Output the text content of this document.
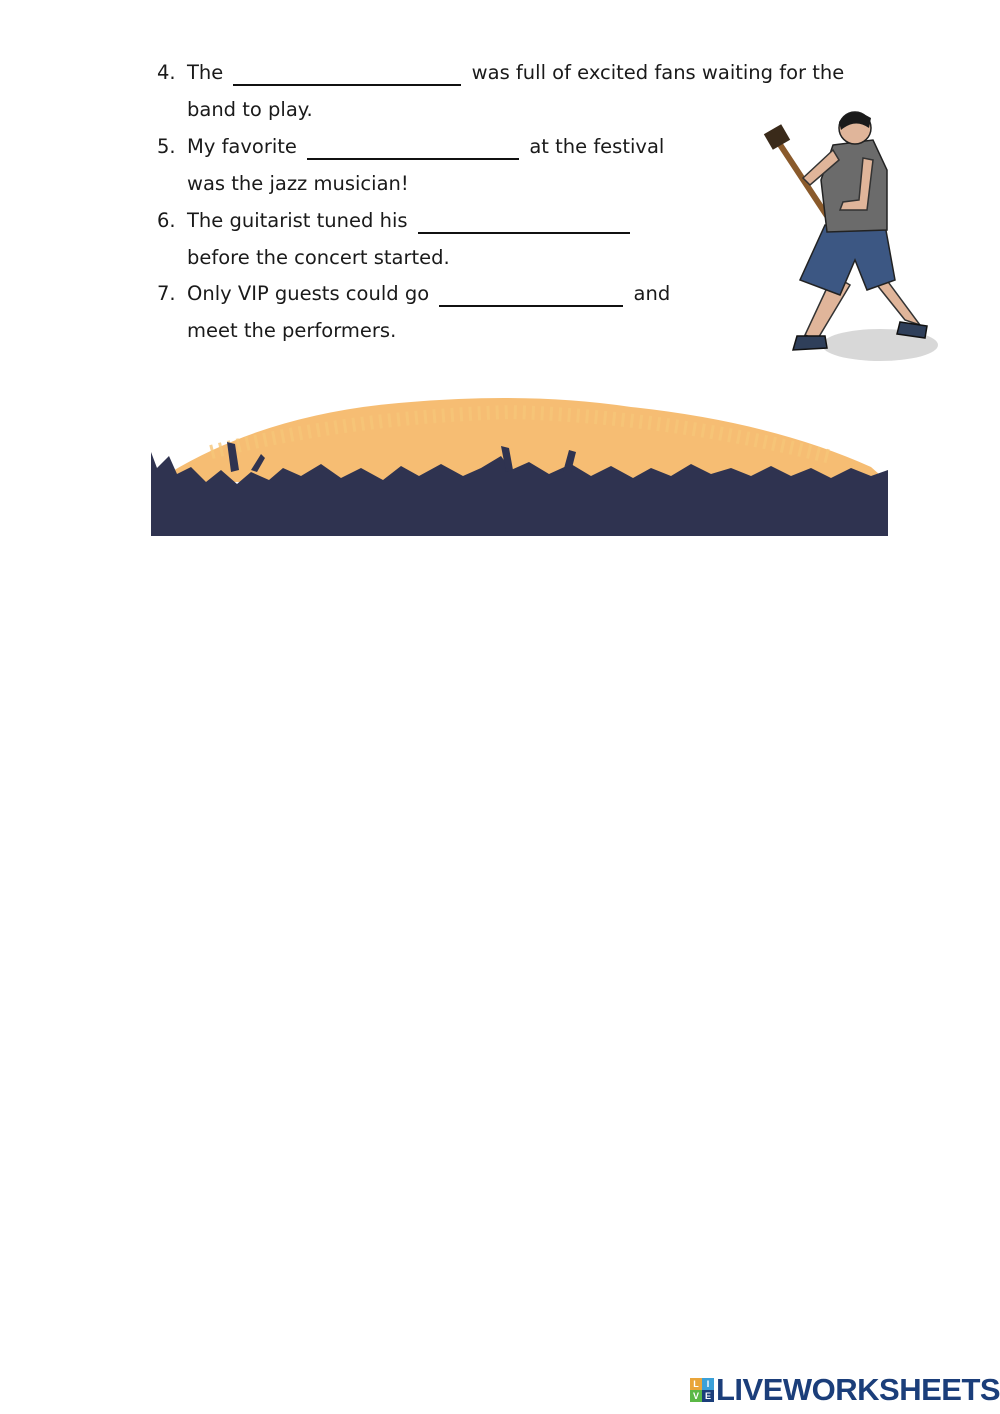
4. The	was full of excited fans waiting for the
band to play.
5. My favorite	at the festival
was the jazz musician!
6. The guitarist tuned his
before the concert started.
7. Only VIP guests could go	and
meet the performers.
L I
V E LIVEWORKSHEETS
